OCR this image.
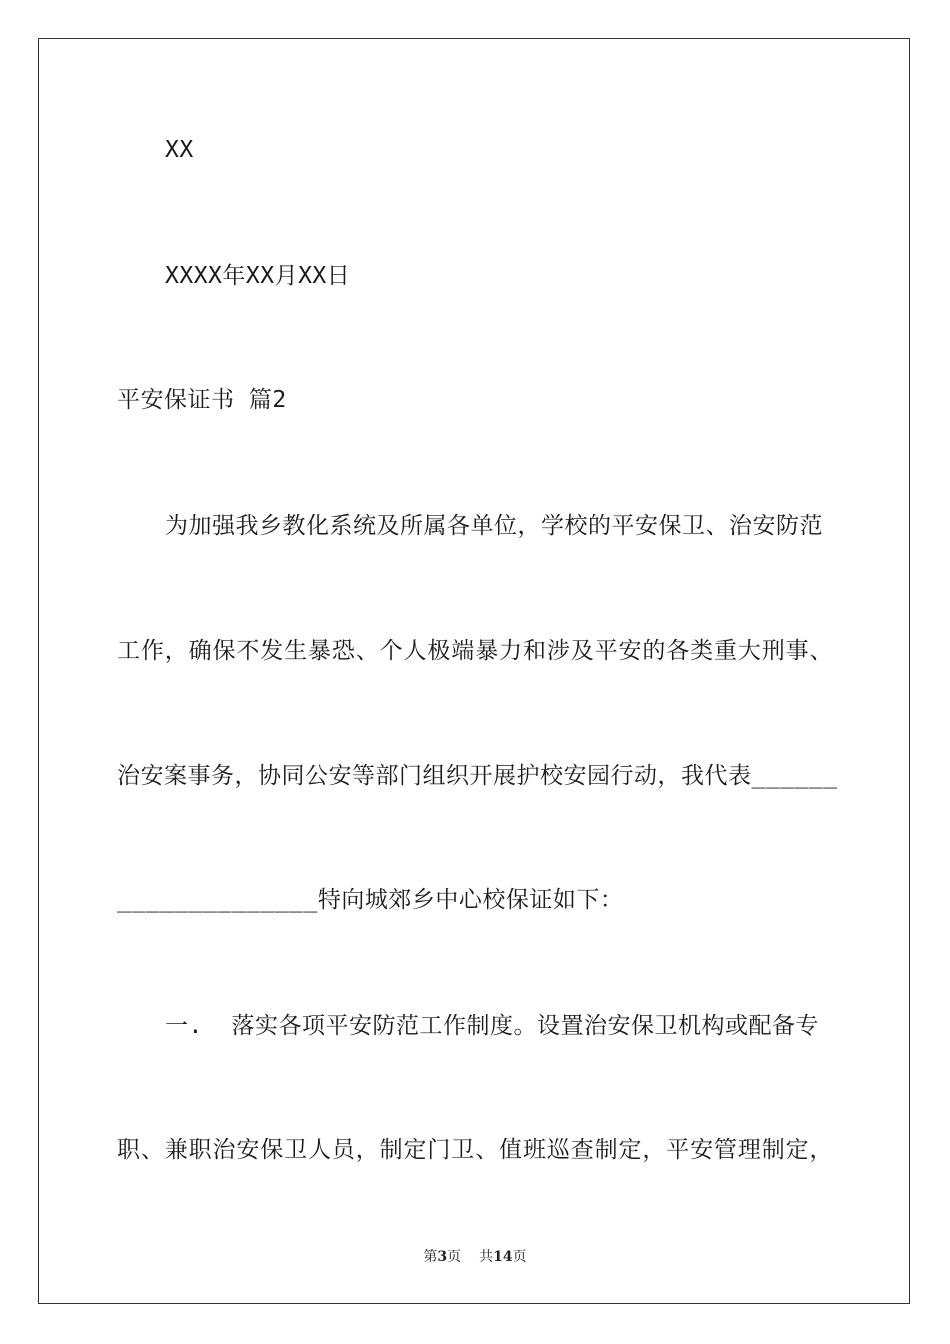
XX
XXXX年XX月XX日
平安保证书 篇2
为加强我乡教化系统及所属各单位，学校的平安保卫、治安防范
工作，确保不发生暴恐、个人极端暴力和涉及平安的各类重大刑事、
治安案事务，协同公安等部门组织开展护校安园行动，我代表______
______________特向城郊乡中心校保证如下：
一.  落实各项平安防范工作制度。设置治安保卫机构或配备专
职、兼职治安保卫人员，制定门卫、值班巡查制定，平安管理制定，
第3页 共14页
